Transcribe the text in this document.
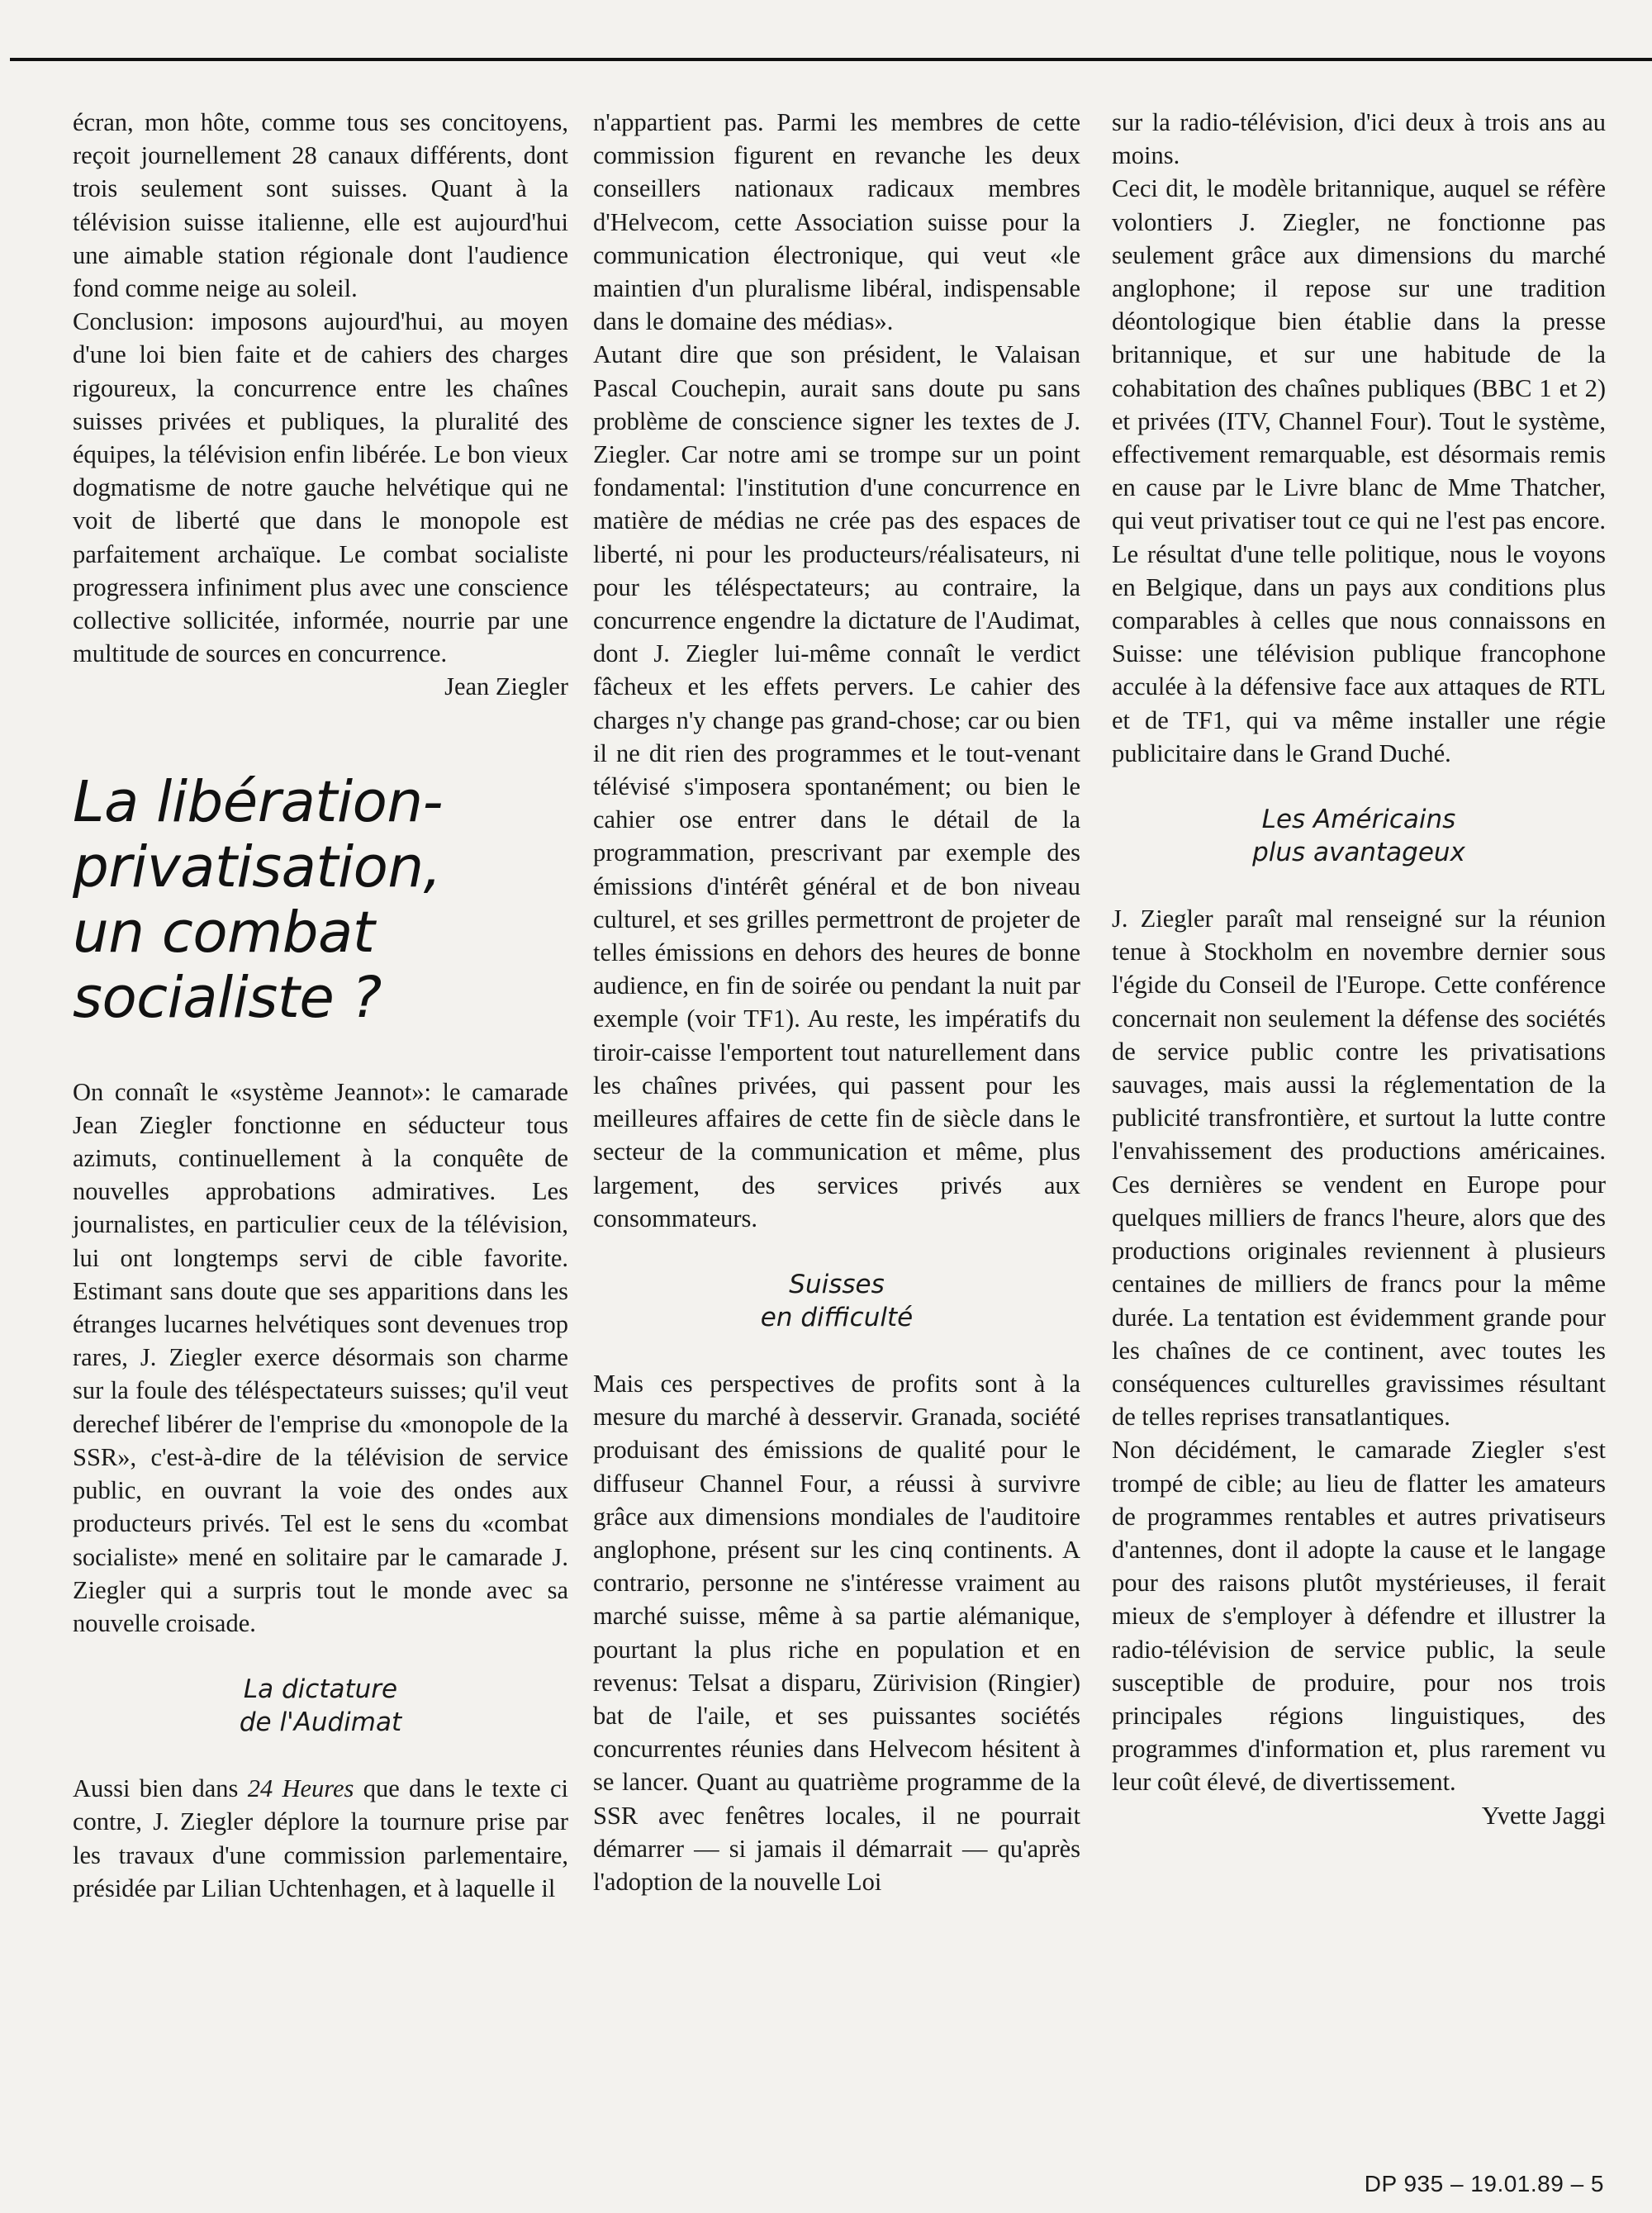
écran, mon hôte, comme tous ses concitoyens, reçoit journellement 28 canaux différents, dont trois seulement sont suisses. Quant à la télévision suisse italienne, elle est aujourd'hui une aimable station régionale dont l'audience fond comme neige au soleil.

Conclusion: imposons aujourd'hui, au moyen d'une loi bien faite et de cahiers des charges rigoureux, la concurrence entre les chaînes suisses privées et publiques, la pluralité des équipes, la télévision enfin libérée. Le bon vieux dogmatisme de notre gauche helvétique qui ne voit de liberté que dans le monopole est parfaitement archaïque. Le combat socialiste progressera infiniment plus avec une conscience collective sollicitée, informée, nourrie par une multitude de sources en concurrence.

Jean Ziegler

La libération-
privatisation,
un combat
socialiste ?

On connaît le «système Jeannot»: le camarade Jean Ziegler fonctionne en séducteur tous azimuts, continuellement à la conquête de nouvelles approbations admiratives. Les journalistes, en particulier ceux de la télévision, lui ont longtemps servi de cible favorite. Estimant sans doute que ses apparitions dans les étranges lucarnes helvétiques sont devenues trop rares, J. Ziegler exerce désormais son charme sur la foule des téléspectateurs suisses; qu'il veut derechef libérer de l'emprise du «monopole de la SSR», c'est-à-dire de la télévision de service public, en ouvrant la voie des ondes aux producteurs privés. Tel est le sens du «combat socialiste» mené en solitaire par le camarade J. Ziegler qui a surpris tout le monde avec sa nouvelle croisade.

La dictature
de l'Audimat

Aussi bien dans 24 Heures que dans le texte ci contre, J. Ziegler déplore la tournure prise par les travaux d'une commission parlementaire, présidée par Lilian Uchtenhagen, et à laquelle il

n'appartient pas. Parmi les membres de cette commission figurent en revanche les deux conseillers nationaux radicaux membres d'Helvecom, cette Association suisse pour la communication électronique, qui veut «le maintien d'un pluralisme libéral, indispensable dans le domaine des médias».

Autant dire que son président, le Valaisan Pascal Couchepin, aurait sans doute pu sans problème de conscience signer les textes de J. Ziegler. Car notre ami se trompe sur un point fondamental: l'institution d'une concurrence en matière de médias ne crée pas des espaces de liberté, ni pour les producteurs/réalisateurs, ni pour les téléspectateurs; au contraire, la concurrence engendre la dictature de l'Audimat, dont J. Ziegler lui-même connaît le verdict fâcheux et les effets pervers. Le cahier des charges n'y change pas grand-chose; car ou bien il ne dit rien des programmes et le tout-venant télévisé s'imposera spontanément; ou bien le cahier ose entrer dans le détail de la programmation, prescrivant par exemple des émissions d'intérêt général et de bon niveau culturel, et ses grilles permettront de projeter de telles émissions en dehors des heures de bonne audience, en fin de soirée ou pendant la nuit par exemple (voir TF1). Au reste, les impératifs du tiroir-caisse l'emportent tout naturellement dans les chaînes privées, qui passent pour les meilleures affaires de cette fin de siècle dans le secteur de la communication et même, plus largement, des services privés aux consommateurs.

Suisses
en difficulté

Mais ces perspectives de profits sont à la mesure du marché à desservir. Granada, société produisant des émissions de qualité pour le diffuseur Channel Four, a réussi à survivre grâce aux dimensions mondiales de l'auditoire anglophone, présent sur les cinq continents. A contrario, personne ne s'intéresse vraiment au marché suisse, même à sa partie alémanique, pourtant la plus riche en population et en revenus: Telsat a disparu, Zürivision (Ringier) bat de l'aile, et ses puissantes sociétés concurrentes réunies dans Helvecom hésitent à se lancer. Quant au quatrième programme de la SSR avec fenêtres locales, il ne pourrait démarrer — si jamais il démarrait — qu'après l'adoption de la nouvelle Loi

sur la radio-télévision, d'ici deux à trois ans au moins.

Ceci dit, le modèle britannique, auquel se réfère volontiers J. Ziegler, ne fonctionne pas seulement grâce aux dimensions du marché anglophone; il repose sur une tradition déontologique bien établie dans la presse britannique, et sur une habitude de la cohabitation des chaînes publiques (BBC 1 et 2) et privées (ITV, Channel Four). Tout le système, effectivement remarquable, est désormais remis en cause par le Livre blanc de Mme Thatcher, qui veut privatiser tout ce qui ne l'est pas encore. Le résultat d'une telle politique, nous le voyons en Belgique, dans un pays aux conditions plus comparables à celles que nous connaissons en Suisse: une télévision publique francophone acculée à la défensive face aux attaques de RTL et de TF1, qui va même installer une régie publicitaire dans le Grand Duché.

Les Américains
plus avantageux

J. Ziegler paraît mal renseigné sur la réunion tenue à Stockholm en novembre dernier sous l'égide du Conseil de l'Europe. Cette conférence concernait non seulement la défense des sociétés de service public contre les privatisations sauvages, mais aussi la réglementation de la publicité transfrontière, et surtout la lutte contre l'envahissement des productions américaines. Ces dernières se vendent en Europe pour quelques milliers de francs l'heure, alors que des productions originales reviennent à plusieurs centaines de milliers de francs pour la même durée. La tentation est évidemment grande pour les chaînes de ce continent, avec toutes les conséquences culturelles gravissimes résultant de telles reprises transatlantiques.

Non décidément, le camarade Ziegler s'est trompé de cible; au lieu de flatter les amateurs de programmes rentables et autres privatiseurs d'antennes, dont il adopte la cause et le langage pour des raisons plutôt mystérieuses, il ferait mieux de s'employer à défendre et illustrer la radio-télévision de service public, la seule susceptible de produire, pour nos trois principales régions linguistiques, des programmes d'information et, plus rarement vu leur coût élevé, de divertissement.

Yvette Jaggi

DP 935 – 19.01.89 – 5
